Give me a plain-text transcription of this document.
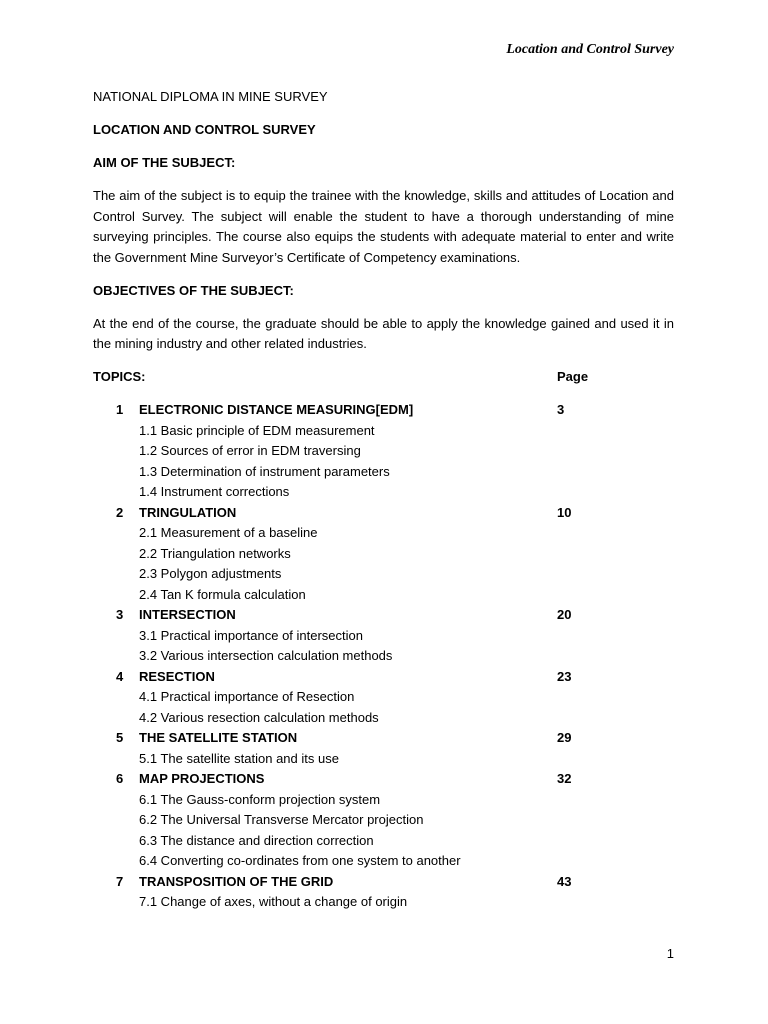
Location and Control Survey

NATIONAL DIPLOMA IN MINE SURVEY

LOCATION AND CONTROL SURVEY

AIM OF THE SUBJECT:

The aim of the subject is to equip the trainee with the knowledge, skills and attitudes of Location and Control Survey. The subject will enable the student to have a thorough understanding of mine surveying principles. The course also equips the students with adequate material to enter and write the Government Mine Surveyor’s Certificate of Competency examinations.

OBJECTIVES OF THE SUBJECT:

At the end of the course, the graduate should be able to apply the knowledge gained and used it in the mining industry and other related industries.

TOPICS:	Page
1 ELECTRONIC DISTANCE MEASURING[EDM]	3
1.1 Basic principle of EDM measurement
1.2 Sources of error in EDM traversing
1.3 Determination of instrument parameters
1.4 Instrument corrections
2 TRINGULATION	10
2.1 Measurement of a baseline
2.2 Triangulation networks
2.3 Polygon adjustments
2.4 Tan K formula calculation
3 INTERSECTION	20
3.1 Practical importance of intersection
3.2 Various intersection calculation methods
4 RESECTION	23
4.1 Practical importance of Resection
4.2 Various resection calculation methods
5 THE SATELLITE STATION	29
5.1 The satellite station and its use
6 MAP PROJECTIONS	32
6.1 The Gauss-conform projection system
6.2 The Universal Transverse Mercator projection
6.3 The distance and direction correction
6.4 Converting co-ordinates from one system to another
7 TRANSPOSITION OF THE GRID	43
7.1 Change of axes, without a change of origin
1
